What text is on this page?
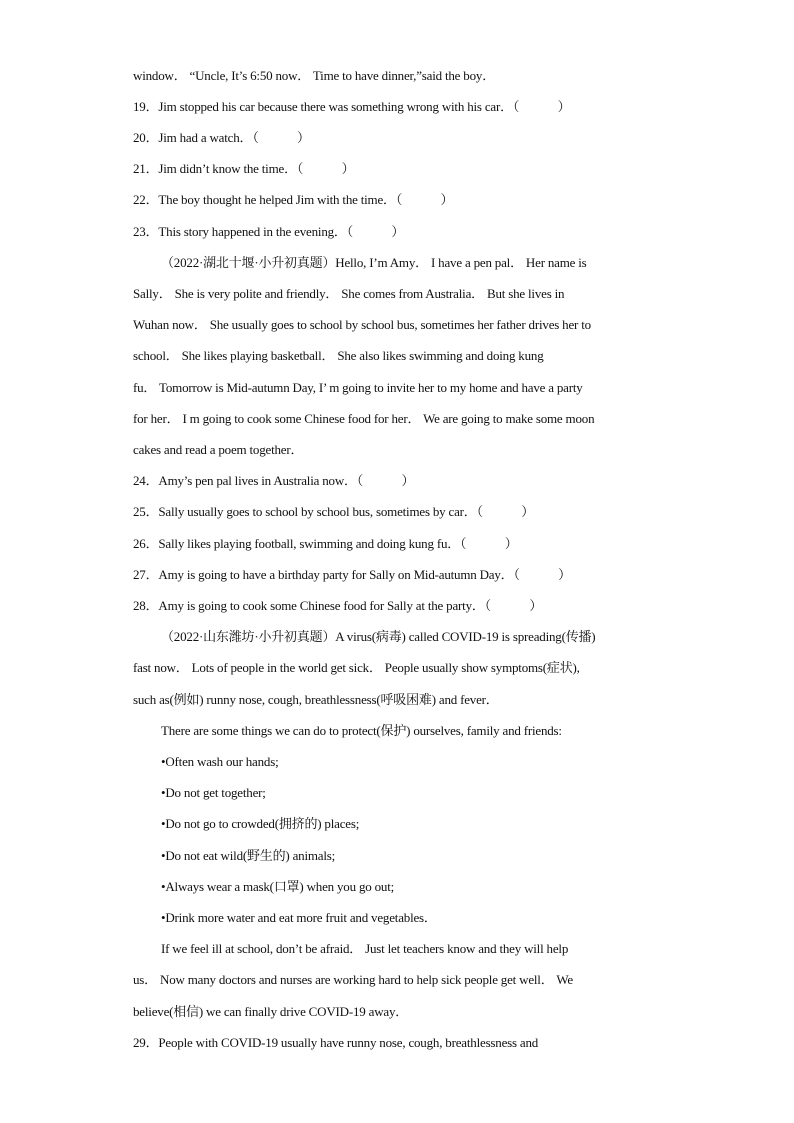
window． “Uncle, It’s 6:50 now． Time to have dinner,”said the boy．
19．Jim stopped his car because there was something wrong with his car．（　　　）
20．Jim had a watch．（　　　）
21．Jim didn’t know the time．（　　　）
22．The boy thought he helped Jim with the time．（　　　）
23．This story happened in the evening．（　　　）
（2022·湖北十堰·小升初真题）Hello, I’m Amy． I have a pen pal． Her name is
Sally． She is very polite and friendly． She comes from Australia． But she lives in
Wuhan now． She usually goes to school by school bus, sometimes her father drives her to
school． She likes playing basketball． She also likes swimming and doing kung
fu． Tomorrow is Mid-autumn Day, I’ m going to invite her to my home and have a party
for her． I m going to cook some Chinese food for her． We are going to make some moon
cakes and read a poem together．
24．Amy’s pen pal lives in Australia now．（　　　）
25．Sally usually goes to school by school bus, sometimes by car．（　　　）
26．Sally likes playing football, swimming and doing kung fu．（　　　）
27．Amy is going to have a birthday party for Sally on Mid-autumn Day．（　　　）
28．Amy is going to cook some Chinese food for Sally at the party．（　　　）
（2022·山东潍坊·小升初真题）A virus(病毒) called COVID-19 is spreading(传播)
fast now． Lots of people in the world get sick． People usually show symptoms(症状),
such as(例如) runny nose, cough, breathlessness(呼吸困难) and fever．
There are some things we can do to protect(保护) ourselves, family and friends:
•Often wash our hands;
•Do not get together;
•Do not go to crowded(拥挤的) places;
•Do not eat wild(野生的) animals;
•Always wear a mask(口罩) when you go out;
•Drink more water and eat more fruit and vegetables．
If we feel ill at school, don’t be afraid． Just let teachers know and they will help
us． Now many doctors and nurses are working hard to help sick people get well． We
believe(相信) we can finally drive COVID-19 away．
29．People with COVID-19 usually have runny nose, cough, breathlessness and
